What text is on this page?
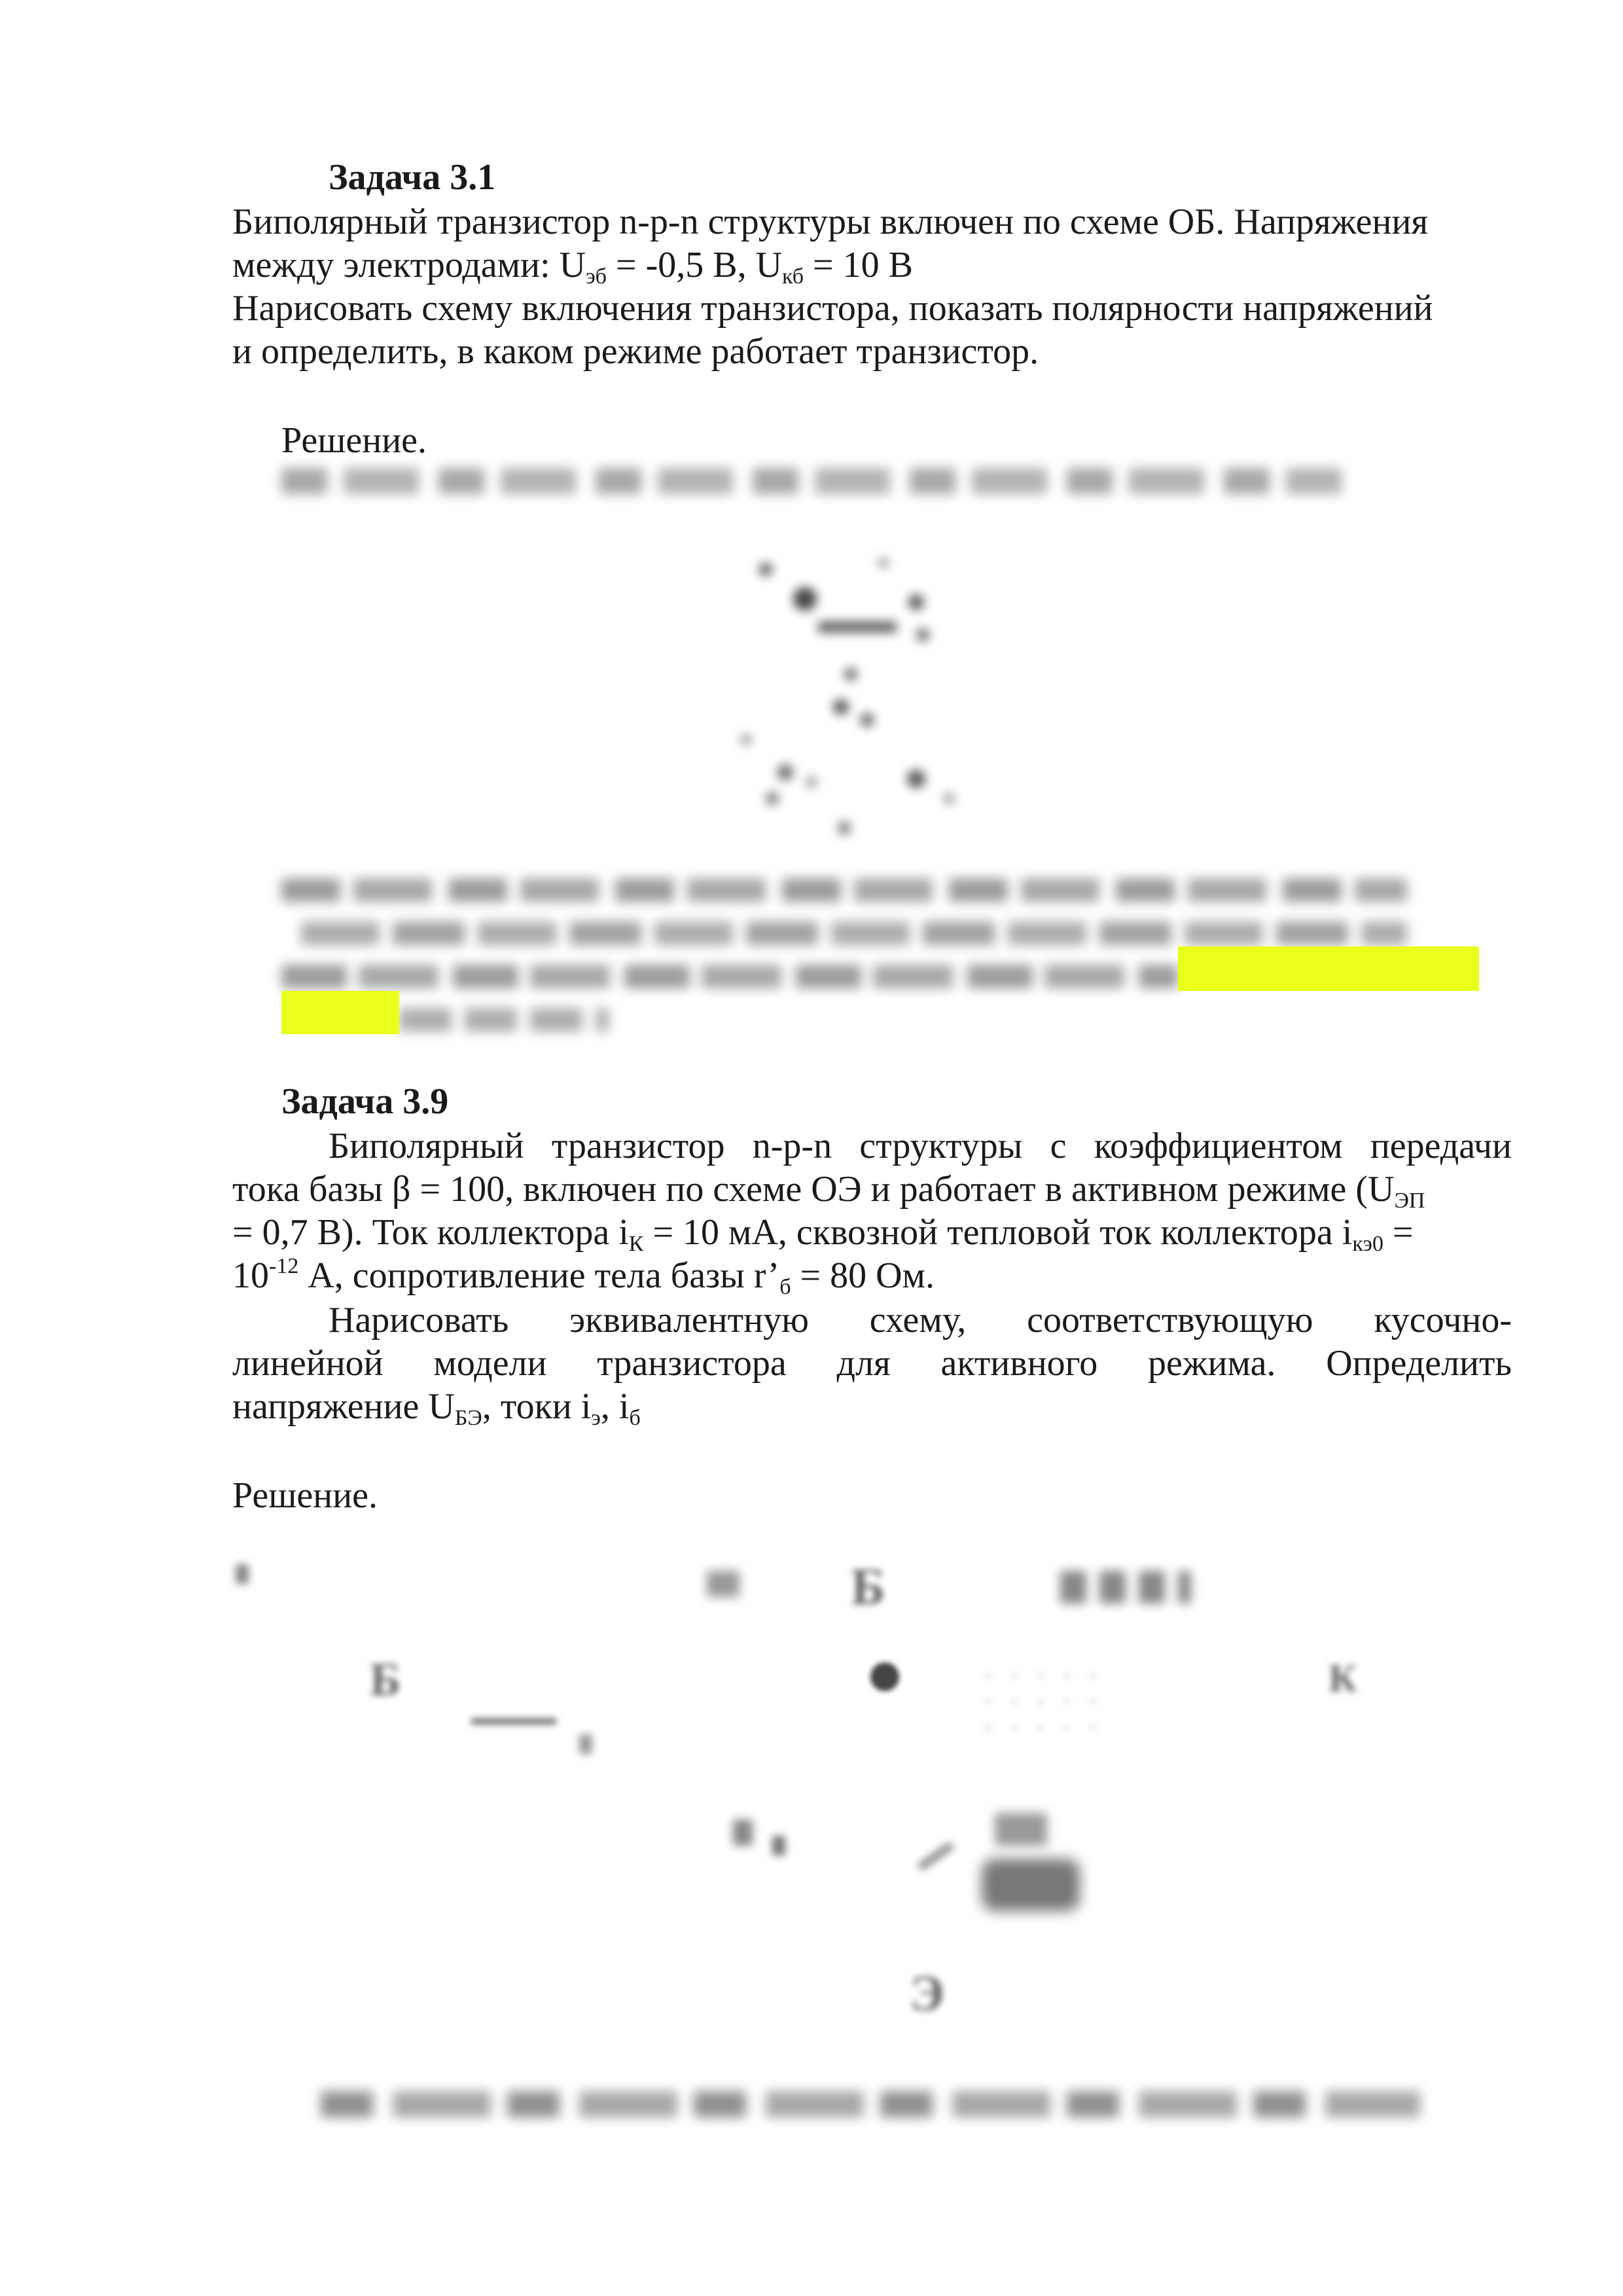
Задача 3.1
Биполярный транзистор n-p-n структуры включен по схеме ОБ. Напряжения
между электродами: $U_{эб} = -0,5$ В, $U_{кб} = 10$ В
Нарисовать схему включения транзистора, показать полярности напряжений
и определить, в каком режиме работает транзистор.
Решение.
Задача 3.9
Биполярный транзистор n-p-n структуры с коэффициентом передачи
тока базы β = 100, включен по схеме ОЭ и работает в активном режиме ($U_{ЭП}$
= 0,7 В). Ток коллектора $i_К = 10$ мА, сквозной тепловой ток коллектора $i_{кэ0}$ =
$10^{-12}$ А, сопротивление тела базы $r’_б = 80$ Ом.
Нарисовать эквивалентную схему, соответствующую кусочно-
линейной модели транзистора для активного режима. Определить
напряжение $U_{БЭ}$, токи $i_э$, $i_б$
Решение.
Б
Б	К
Э
